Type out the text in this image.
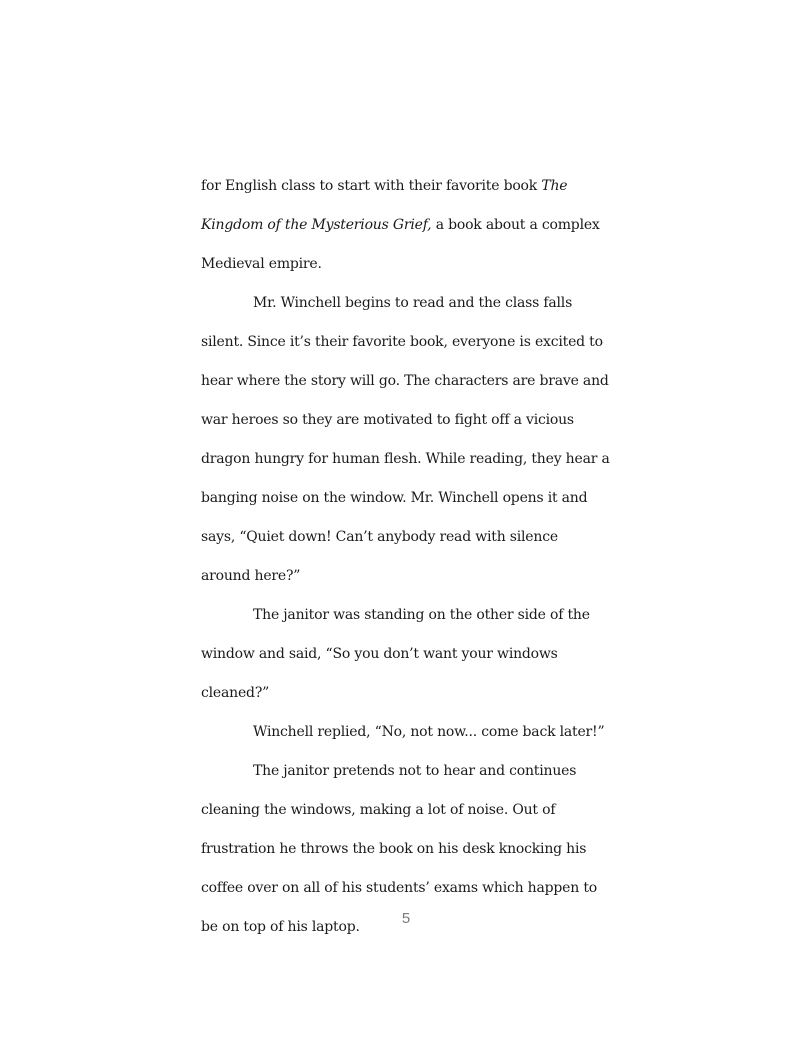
for English class to start with their favorite book The Kingdom of the Mysterious Grief, a book about a complex Medieval empire.

Mr. Winchell begins to read and the class falls silent. Since it’s their favorite book, everyone is excited to hear where the story will go. The characters are brave and war heroes so they are motivated to fight off a vicious dragon hungry for human flesh. While reading, they hear a banging noise on the window. Mr. Winchell opens it and says, “Quiet down! Can’t anybody read with silence around here?”

The janitor was standing on the other side of the window and said, “So you don’t want your windows cleaned?”

Winchell replied, “No, not now... come back later!”

The janitor pretends not to hear and continues cleaning the windows, making a lot of noise. Out of frustration he throws the book on his desk knocking his coffee over on all of his students’ exams which happen to be on top of his laptop.	5
